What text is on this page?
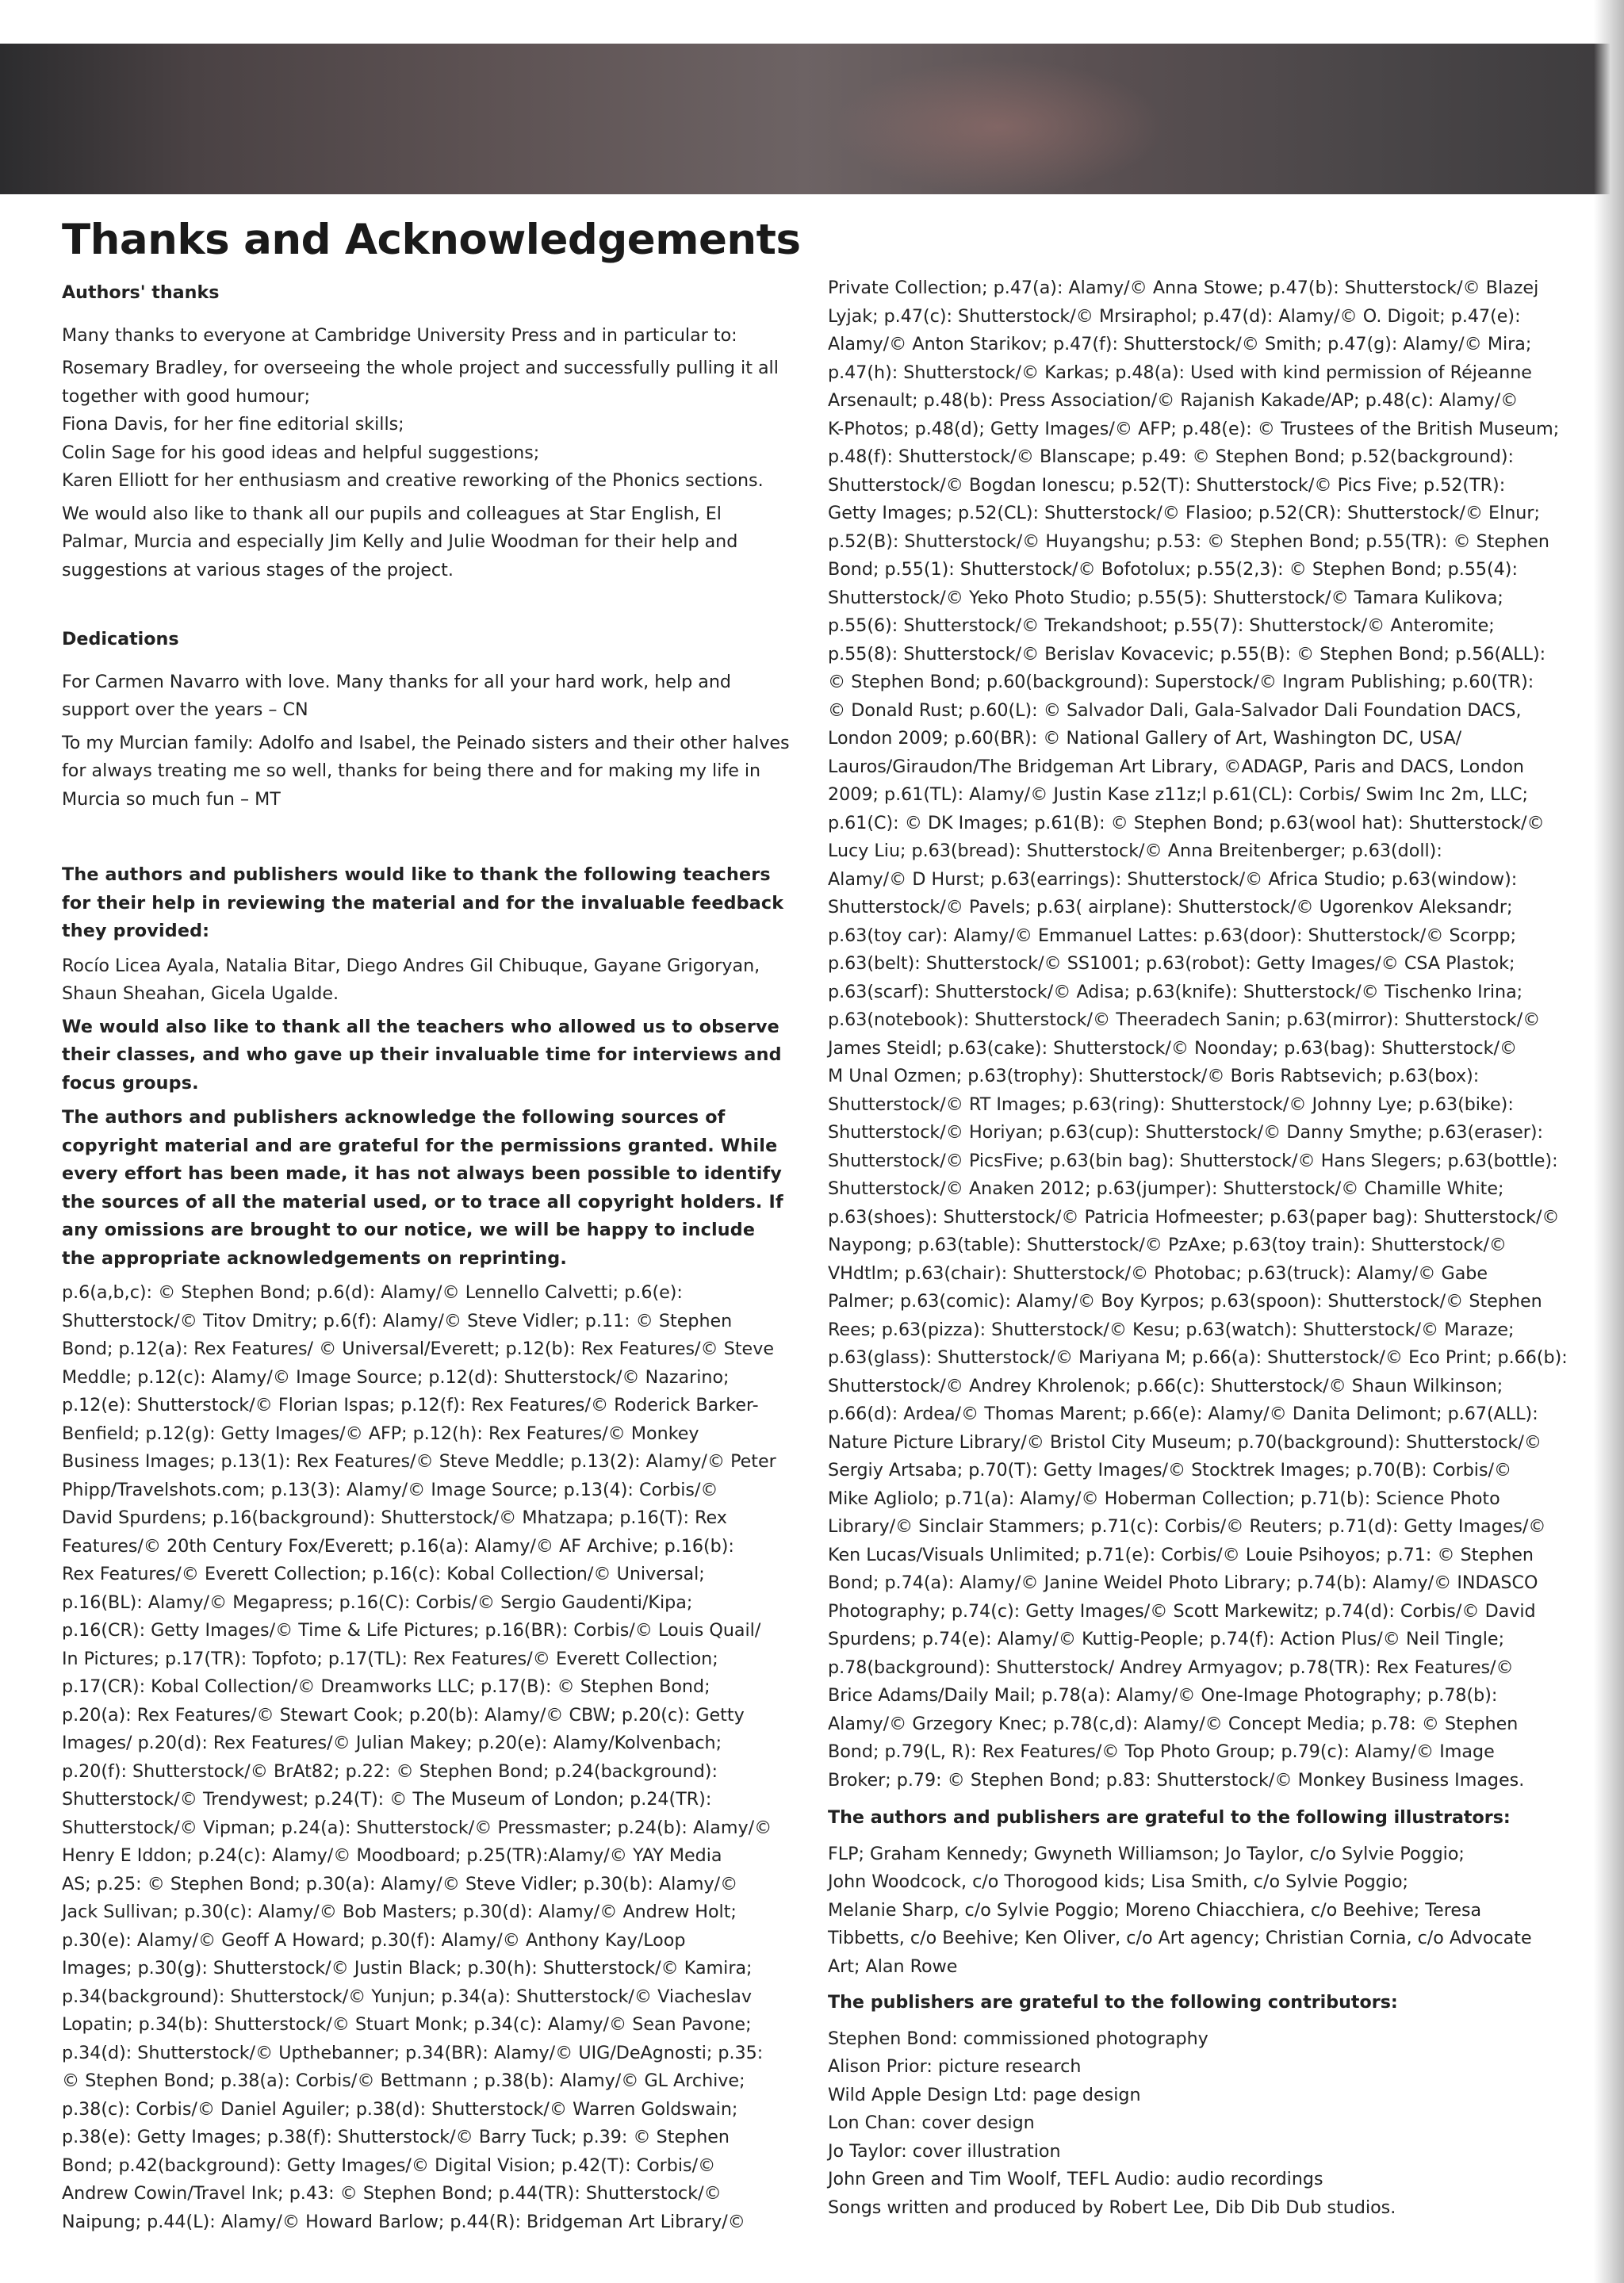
Thanks and Acknowledgements

Authors' thanks

Many thanks to everyone at Cambridge University Press and in particular to:

Rosemary Bradley, for overseeing the whole project and successfully pulling it all together with good humour;
Fiona Davis, for her fine editorial skills;
Colin Sage for his good ideas and helpful suggestions;
Karen Elliott for her enthusiasm and creative reworking of the Phonics sections.

We would also like to thank all our pupils and colleagues at Star English, El Palmar, Murcia and especially Jim Kelly and Julie Woodman for their help and suggestions at various stages of the project.

Dedications

For Carmen Navarro with love. Many thanks for all your hard work, help and support over the years – CN

To my Murcian family: Adolfo and Isabel, the Peinado sisters and their other halves for always treating me so well, thanks for being there and for making my life in Murcia so much fun – MT

The authors and publishers would like to thank the following teachers for their help in reviewing the material and for the invaluable feedback they provided:

Rocío Licea Ayala, Natalia Bitar, Diego Andres Gil Chibuque, Gayane Grigoryan, Shaun Sheahan, Gicela Ugalde.

We would also like to thank all the teachers who allowed us to observe their classes, and who gave up their invaluable time for interviews and focus groups.

The authors and publishers acknowledge the following sources of copyright material and are grateful for the permissions granted. While every effort has been made, it has not always been possible to identify the sources of all the material used, or to trace all copyright holders. If any omissions are brought to our notice, we will be happy to include the appropriate acknowledgements on reprinting.

p.6(a,b,c): © Stephen Bond; p.6(d): Alamy/© Lennello Calvetti; p.6(e):
Shutterstock/© Titov Dmitry; p.6(f): Alamy/© Steve Vidler; p.11: © Stephen
Bond; p.12(a): Rex Features/ © Universal/Everett; p.12(b): Rex Features/© Steve
Meddle; p.12(c): Alamy/© Image Source; p.12(d): Shutterstock/© Nazarino;
p.12(e): Shutterstock/© Florian Ispas; p.12(f): Rex Features/© Roderick Barker-
Benfield; p.12(g): Getty Images/© AFP; p.12(h): Rex Features/© Monkey
Business Images; p.13(1): Rex Features/© Steve Meddle; p.13(2): Alamy/© Peter
Phipp/Travelshots.com; p.13(3): Alamy/© Image Source; p.13(4): Corbis/©
David Spurdens; p.16(background): Shutterstock/© Mhatzapa; p.16(T): Rex
Features/© 20th Century Fox/Everett; p.16(a): Alamy/© AF Archive; p.16(b):
Rex Features/© Everett Collection; p.16(c): Kobal Collection/© Universal;
p.16(BL): Alamy/© Megapress; p.16(C): Corbis/© Sergio Gaudenti/Kipa;
p.16(CR): Getty Images/© Time & Life Pictures; p.16(BR): Corbis/© Louis Quail/
In Pictures; p.17(TR): Topfoto; p.17(TL): Rex Features/© Everett Collection;
p.17(CR): Kobal Collection/© Dreamworks LLC; p.17(B): © Stephen Bond;
p.20(a): Rex Features/© Stewart Cook; p.20(b): Alamy/© CBW; p.20(c): Getty
Images/ p.20(d): Rex Features/© Julian Makey; p.20(e): Alamy/Kolvenbach;
p.20(f): Shutterstock/© BrAt82; p.22: © Stephen Bond; p.24(background):
Shutterstock/© Trendywest; p.24(T): © The Museum of London; p.24(TR):
Shutterstock/© Vipman; p.24(a): Shutterstock/© Pressmaster; p.24(b): Alamy/©
Henry E Iddon; p.24(c): Alamy/© Moodboard; p.25(TR):Alamy/© YAY Media
AS; p.25: © Stephen Bond; p.30(a): Alamy/© Steve Vidler; p.30(b): Alamy/©
Jack Sullivan; p.30(c): Alamy/© Bob Masters; p.30(d): Alamy/© Andrew Holt;
p.30(e): Alamy/© Geoff A Howard; p.30(f): Alamy/© Anthony Kay/Loop
Images; p.30(g): Shutterstock/© Justin Black; p.30(h): Shutterstock/© Kamira;
p.34(background): Shutterstock/© Yunjun; p.34(a): Shutterstock/© Viacheslav
Lopatin; p.34(b): Shutterstock/© Stuart Monk; p.34(c): Alamy/© Sean Pavone;
p.34(d): Shutterstock/© Upthebanner; p.34(BR): Alamy/© UIG/DeAgnosti; p.35:
© Stephen Bond; p.38(a): Corbis/© Bettmann ; p.38(b): Alamy/© GL Archive;
p.38(c): Corbis/© Daniel Aguiler; p.38(d): Shutterstock/© Warren Goldswain;
p.38(e): Getty Images; p.38(f): Shutterstock/© Barry Tuck; p.39: © Stephen
Bond; p.42(background): Getty Images/© Digital Vision; p.42(T): Corbis/©
Andrew Cowin/Travel Ink; p.43: © Stephen Bond; p.44(TR): Shutterstock/©
Naipung; p.44(L): Alamy/© Howard Barlow; p.44(R): Bridgeman Art Library/©
Private Collection; p.47(a): Alamy/© Anna Stowe; p.47(b): Shutterstock/© Blazej
Lyjak; p.47(c): Shutterstock/© Mrsiraphol; p.47(d): Alamy/© O. Digoit; p.47(e):
Alamy/© Anton Starikov; p.47(f): Shutterstock/© Smith; p.47(g): Alamy/© Mira;
p.47(h): Shutterstock/© Karkas; p.48(a): Used with kind permission of Réjeanne
Arsenault; p.48(b): Press Association/© Rajanish Kakade/AP; p.48(c): Alamy/©
K-Photos; p.48(d); Getty Images/© AFP; p.48(e): © Trustees of the British Museum;
p.48(f): Shutterstock/© Blanscape; p.49: © Stephen Bond; p.52(background):
Shutterstock/© Bogdan Ionescu; p.52(T): Shutterstock/© Pics Five; p.52(TR):
Getty Images; p.52(CL): Shutterstock/© Flasioo; p.52(CR): Shutterstock/© Elnur;
p.52(B): Shutterstock/© Huyangshu; p.53: © Stephen Bond; p.55(TR): © Stephen
Bond; p.55(1): Shutterstock/© Bofotolux; p.55(2,3): © Stephen Bond; p.55(4):
Shutterstock/© Yeko Photo Studio; p.55(5): Shutterstock/© Tamara Kulikova;
p.55(6): Shutterstock/© Trekandshoot; p.55(7): Shutterstock/© Anteromite;
p.55(8): Shutterstock/© Berislav Kovacevic; p.55(B): © Stephen Bond; p.56(ALL):
© Stephen Bond; p.60(background): Superstock/© Ingram Publishing; p.60(TR):
© Donald Rust; p.60(L): © Salvador Dali, Gala-Salvador Dali Foundation DACS,
London 2009; p.60(BR): © National Gallery of Art, Washington DC, USA/
Lauros/Giraudon/The Bridgeman Art Library, ©ADAGP, Paris and DACS, London
2009; p.61(TL): Alamy/© Justin Kase z11z;l p.61(CL): Corbis/ Swim Inc 2m, LLC;
p.61(C): © DK Images; p.61(B): © Stephen Bond; p.63(wool hat): Shutterstock/©
Lucy Liu; p.63(bread): Shutterstock/© Anna Breitenberger; p.63(doll):
Alamy/© D Hurst; p.63(earrings): Shutterstock/© Africa Studio; p.63(window):
Shutterstock/© Pavels; p.63( airplane): Shutterstock/© Ugorenkov Aleksandr;
p.63(toy car): Alamy/© Emmanuel Lattes: p.63(door): Shutterstock/© Scorpp;
p.63(belt): Shutterstock/© SS1001; p.63(robot): Getty Images/© CSA Plastok;
p.63(scarf): Shutterstock/© Adisa; p.63(knife): Shutterstock/© Tischenko Irina;
p.63(notebook): Shutterstock/© Theeradech Sanin; p.63(mirror): Shutterstock/©
James Steidl; p.63(cake): Shutterstock/© Noonday; p.63(bag): Shutterstock/©
M Unal Ozmen; p.63(trophy): Shutterstock/© Boris Rabtsevich; p.63(box):
Shutterstock/© RT Images; p.63(ring): Shutterstock/© Johnny Lye; p.63(bike):
Shutterstock/© Horiyan; p.63(cup): Shutterstock/© Danny Smythe; p.63(eraser):
Shutterstock/© PicsFive; p.63(bin bag): Shutterstock/© Hans Slegers; p.63(bottle):
Shutterstock/© Anaken 2012; p.63(jumper): Shutterstock/© Chamille White;
p.63(shoes): Shutterstock/© Patricia Hofmeester; p.63(paper bag): Shutterstock/©
Naypong; p.63(table): Shutterstock/© PzAxe; p.63(toy train): Shutterstock/©
VHdtlm; p.63(chair): Shutterstock/© Photobac; p.63(truck): Alamy/© Gabe
Palmer; p.63(comic): Alamy/© Boy Kyrpos; p.63(spoon): Shutterstock/© Stephen
Rees; p.63(pizza): Shutterstock/© Kesu; p.63(watch): Shutterstock/© Maraze;
p.63(glass): Shutterstock/© Mariyana M; p.66(a): Shutterstock/© Eco Print; p.66(b):
Shutterstock/© Andrey Khrolenok; p.66(c): Shutterstock/© Shaun Wilkinson;
p.66(d): Ardea/© Thomas Marent; p.66(e): Alamy/© Danita Delimont; p.67(ALL):
Nature Picture Library/© Bristol City Museum; p.70(background): Shutterstock/©
Sergiy Artsaba; p.70(T): Getty Images/© Stocktrek Images; p.70(B): Corbis/©
Mike Agliolo; p.71(a): Alamy/© Hoberman Collection; p.71(b): Science Photo
Library/© Sinclair Stammers; p.71(c): Corbis/© Reuters; p.71(d): Getty Images/©
Ken Lucas/Visuals Unlimited; p.71(e): Corbis/© Louie Psihoyos; p.71: © Stephen
Bond; p.74(a): Alamy/© Janine Weidel Photo Library; p.74(b): Alamy/© INDASCO
Photography; p.74(c): Getty Images/© Scott Markewitz; p.74(d): Corbis/© David
Spurdens; p.74(e): Alamy/© Kuttig-People; p.74(f): Action Plus/© Neil Tingle;
p.78(background): Shutterstock/ Andrey Armyagov; p.78(TR): Rex Features/©
Brice Adams/Daily Mail; p.78(a): Alamy/© One-Image Photography; p.78(b):
Alamy/© Grzegory Knec; p.78(c,d): Alamy/© Concept Media; p.78: © Stephen
Bond; p.79(L, R): Rex Features/© Top Photo Group; p.79(c): Alamy/© Image
Broker; p.79: © Stephen Bond; p.83: Shutterstock/© Monkey Business Images.

The authors and publishers are grateful to the following illustrators:

FLP; Graham Kennedy; Gwyneth Williamson; Jo Taylor, c/o Sylvie Poggio;
John Woodcock, c/o Thorogood kids; Lisa Smith, c/o Sylvie Poggio;
Melanie Sharp, c/o Sylvie Poggio; Moreno Chiacchiera, c/o Beehive; Teresa
Tibbetts, c/o Beehive; Ken Oliver, c/o Art agency; Christian Cornia, c/o Advocate
Art; Alan Rowe

The publishers are grateful to the following contributors:

Stephen Bond: commissioned photography
Alison Prior: picture research
Wild Apple Design Ltd: page design
Lon Chan: cover design
Jo Taylor: cover illustration
John Green and Tim Woolf, TEFL Audio: audio recordings
Songs written and produced by Robert Lee, Dib Dib Dub studios.
